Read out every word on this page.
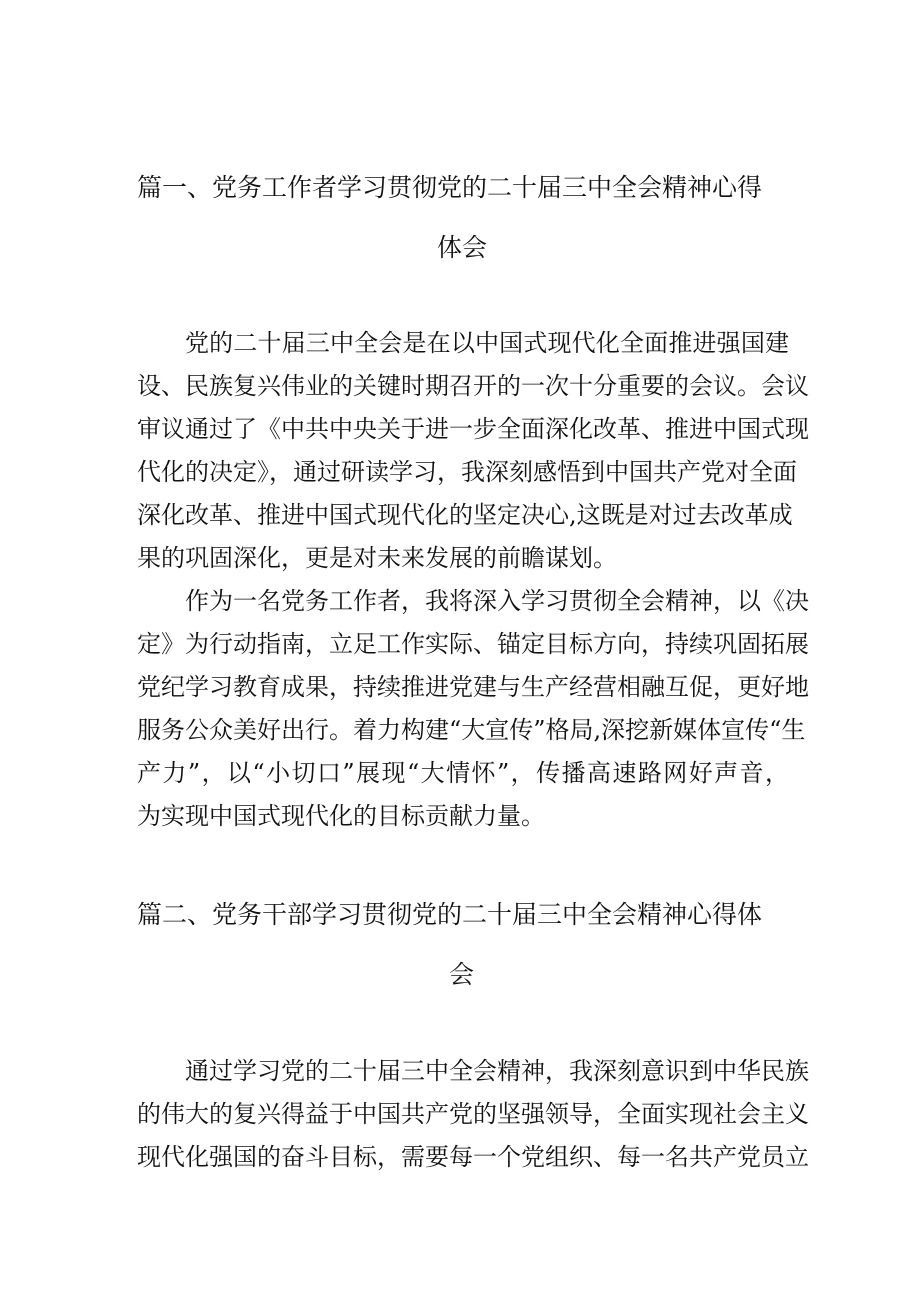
篇一、党务工作者学习贯彻党的二十届三中全会精神心得
体会
党的二十届三中全会是在以中国式现代化全面推进强国建
设、民族复兴伟业的关键时期召开的一次十分重要的会议。会议
审议通过了《中共中央关于进一步全面深化改革、推进中国式现
代化的决定》，通过研读学习，我深刻感悟到中国共产党对全面
深化改革、推进中国式现代化的坚定决心,这既是对过去改革成
果的巩固深化，更是对未来发展的前瞻谋划。
作为一名党务工作者，我将深入学习贯彻全会精神，以《决
定》为行动指南，立足工作实际、锚定目标方向，持续巩固拓展
党纪学习教育成果，持续推进党建与生产经营相融互促，更好地
服务公众美好出行。着力构建“大宣传”格局,深挖新媒体宣传“生
产力”，以“小切口”展现“大情怀”，传播高速路网好声音，
为实现中国式现代化的目标贡献力量。
篇二、党务干部学习贯彻党的二十届三中全会精神心得体
会
通过学习党的二十届三中全会精神，我深刻意识到中华民族
的伟大的复兴得益于中国共产党的坚强领导，全面实现社会主义
现代化强国的奋斗目标，需要每一个党组织、每一名共产党员立
